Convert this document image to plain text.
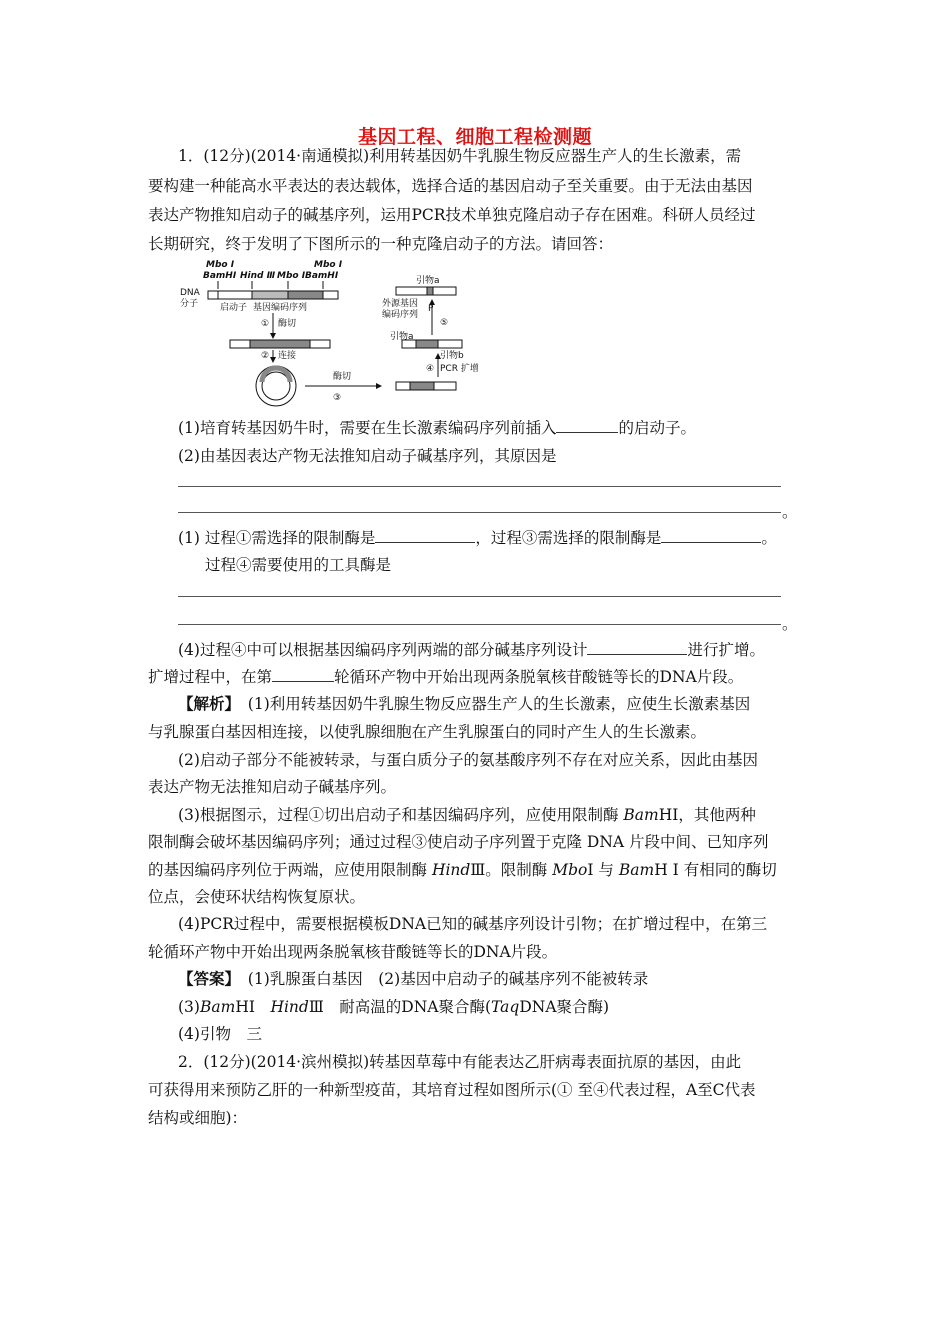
基因工程、细胞工程检测题
1．(12分)(2014·南通模拟)利用转基因奶牛乳腺生物反应器生产人的生长激素，需
要构建一种能高水平表达的表达载体，选择合适的基因启动子至关重要。由于无法由基因
表达产物推知启动子的碱基序列，运用PCR技术单独克隆启动子存在困难。科研人员经过
长期研究，终于发明了下图所示的一种克隆启动子的方法。请回答：
Mbo Ⅰ
BamHⅠ Hind Ⅲ Mbo Ⅰ
Mbo Ⅰ
BamHⅠ
DNA
分子 启动子 基因编码序列
① 酶切
② 连接
酶切
③
引物b
④ PCR 扩增
引物a
⑤
外源基因
编码序列
P
引物a
(1)培育转基因奶牛时，需要在生长激素编码序列前插入	的启动子。
(2)由基因表达产物无法推知启动子碱基序列，其原因是
。
(1) 过程①需选择的限制酶是	，过程③需选择的限制酶是	。
过程④需要使用的工具酶是
。
(4)过程④中可以根据基因编码序列两端的部分碱基序列设计	进行扩增。
扩增过程中，在第	轮循环产物中开始出现两条脱氧核苷酸链等长的DNA片段。
【解析】　 (1)利用转基因奶牛乳腺生物反应器生产人的生长激素，应使生长激素基因
与乳腺蛋白基因相连接，以使乳腺细胞在产生乳腺蛋白的同时产生人的生长激素。
(2)启动子部分不能被转录，与蛋白质分子的氨基酸序列不存在对应关系，因此由基因
表达产物无法推知启动子碱基序列。
(3)根据图示，过程①切出启动子和基因编码序列，应使用限制酶 BamHⅠ，其他两种
限制酶会破坏基因编码序列；通过过程③使启动子序列置于克隆 DNA 片段中间、已知序列
的基因编码序列位于两端，应使用限制酶 HindⅢ。限制酶 MboⅠ 与 BamH Ⅰ 有相同的酶切
位点，会使环状结构恢复原状。
(4)PCR过程中，需要根据模板DNA已知的碱基序列设计引物；在扩增过程中，在第三
轮循环产物中开始出现两条脱氧核苷酸链等长的DNA片段。
【答案】　 (1)乳腺蛋白基因　(2)基因中启动子的碱基序列不能被转录
(3)BamHⅠ　HindⅢ　耐高温的DNA聚合酶(TaqDNA聚合酶)
(4)引物　三
2．(12分)(2014·滨州模拟)转基因草莓中有能表达乙肝病毒表面抗原的基因，由此
可获得用来预防乙肝的一种新型疫苗，其培育过程如图所示(① 至④代表过程，A至C代表
结构或细胞)：
